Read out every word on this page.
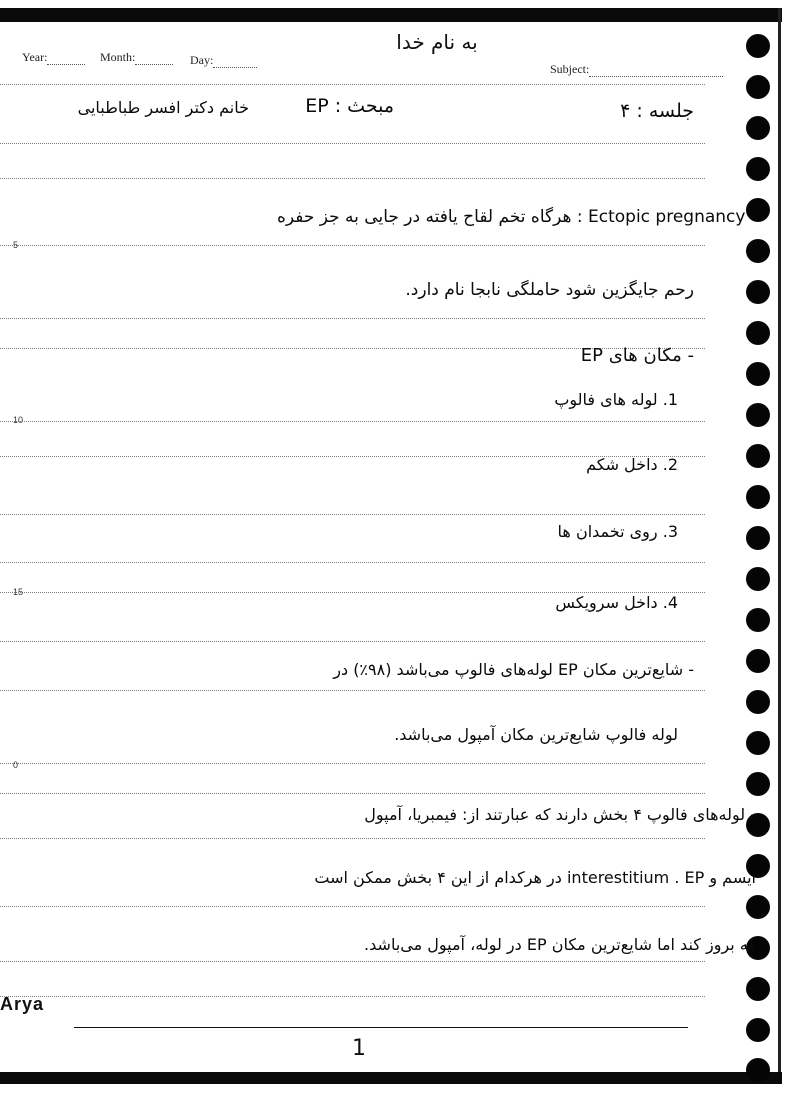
Year:	Month:	Day:
Subject:
به نام خدا
5
10
15
0
جلسه : ۴
مبحث : EP
خانم دکتر افسر طباطبایی
- Ectopic pregnancy : هرگاه تخم لقاح یافته در جایی به جز حفره
رحم جایگزین شود حاملگی نابجا نام دارد.
- مکان های EP
1. لوله های فالوپ
2. داخل شکم
3. روی تخمدان ها
4. داخل سرویکس
- شایع‌ترین مکان EP لوله‌های فالوپ می‌باشد (۹۸٪) در
لوله فالوپ شایع‌ترین مکان آمپول می‌باشد.
- لوله‌های فالوپ ۴ بخش دارند که عبارتند از: فیمبریا، آمپول
ایسم و interestitium . EP در هرکدام از این ۴ بخش ممکن است
که بروز کند اما شایع‌ترین مکان EP در لوله، آمپول می‌باشد.
Arya
1
